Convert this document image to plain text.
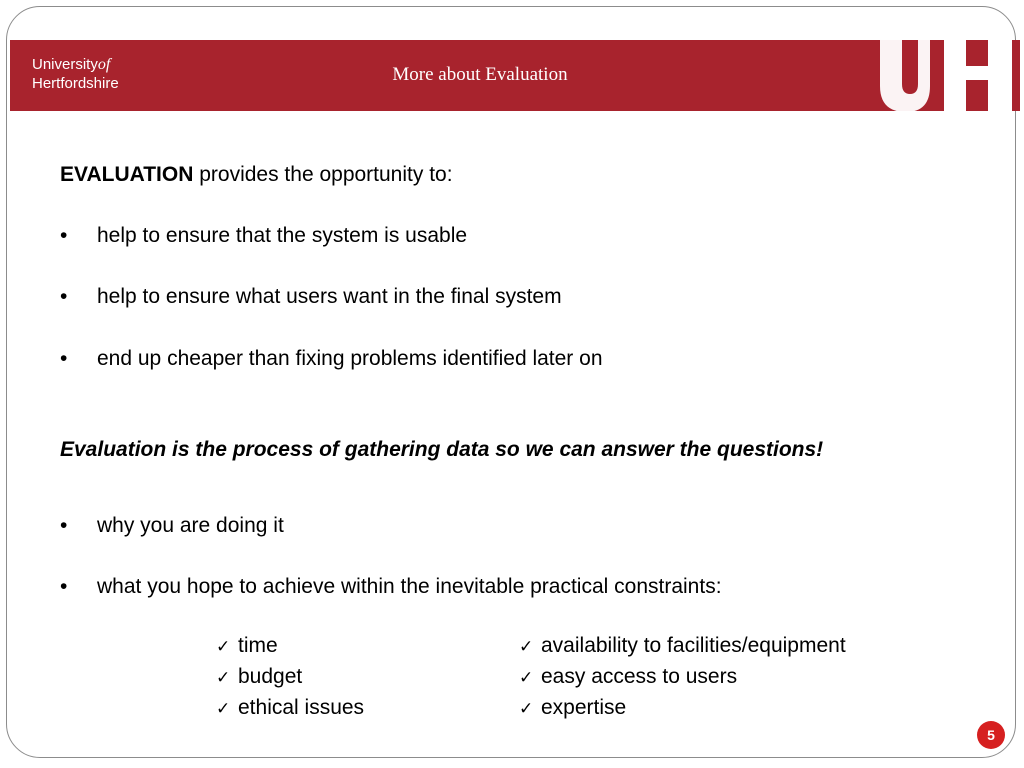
Universityof
Hertfordshire	More about Evaluation
EVALUATION provides the opportunity to:
• help to ensure that the system is usable
• help to ensure what users want in the final system
• end up cheaper than fixing problems identified later on
Evaluation is the process of gathering data so we can answer the questions!
• why you are doing it
• what you hope to achieve within the inevitable practical constraints:
✓ time
✓ budget
✓ ethical issues
✓ availability to facilities/equipment
✓ easy access to users
✓ expertise
5
